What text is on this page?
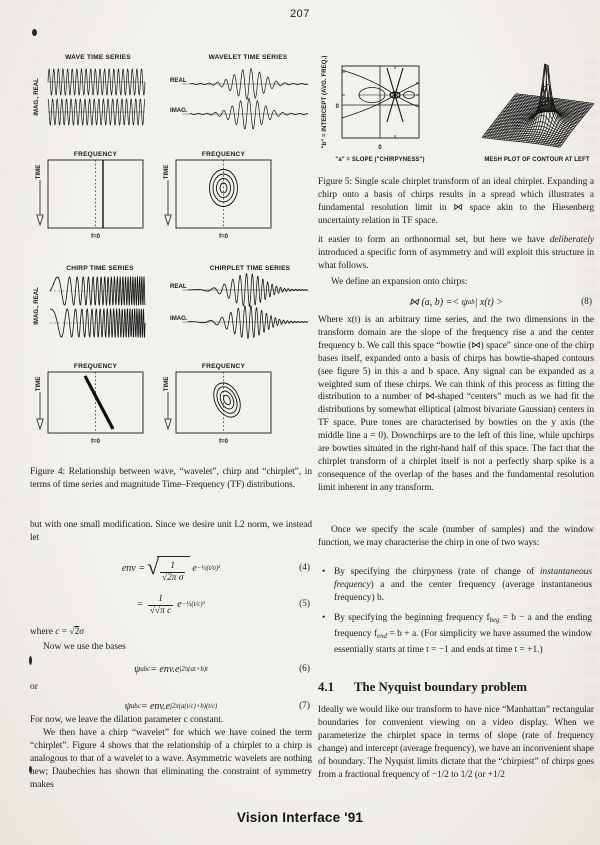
207
WAVE TIME SERIES	WAVELET TIME SERIES
IMAG., REAL	REAL
IMAG.
FREQUENCY	FREQUENCY
TIME	TIME
f=0	f=0
CHIRP TIME SERIES	CHIRPLET TIME SERIES
IMAG., REAL
REAL
IMAG.
FREQUENCY	FREQUENCY
TIME	TIME
f=0	f=0
"b" = INTERCEPT (AVG. FREQ.) 0
0
"a" = SLOPE ("CHIRPYNESS")	MESH PLOT OF CONTOUR AT LEFT
Figure 4: Relationship between wave, “wavelet”, chirp and “chirplet”, in terms of time series and magnitude Time–Frequency (TF) distributions.
but with one small modification. Since we desire unit L2 norm, we instead let
env = √ $\frac{1}{\text{√2π σ}}$ e −½(t/σ)²	(4)
= $\frac{1}{\text{√√π c}}$ e −½(t/c)²	(5)
where c = √2σ
Now we use the bases
ψ abc = env.e j2π(at+b)t	(6)
or
ψ abc = env.e j2π(a(t/c)+b)(t/c)	(7)
For now, we leave the dilation parameter c constant.
We then have a chirp “wavelet” for which we have coined the term “chirplet”. Figure 4 shows that the relationship of a chirplet to a chirp is analogous to that of a wavelet to a wave. Asymmetric wavelets are nothing new; Daubechies has shown that eliminating the constraint of symmetry makes
Figure 5: Single scale chirplet transform of an ideal chirplet. Expanding a chirp onto a basis of chirps results in a spread which illustrates a fundamental resolution limit in ⋈ space akin to the Hiesenberg uncertainty relation in TF space.
it easier to form an orthonormal set, but here we have deliberately introduced a specific form of asymmetry and will exploit this structure in what follows.
We define an expansion onto chirps:
⋈ (a, b) =< ψ ab | x(t) >	(8)
Where x(t) is an arbitrary time series, and the two dimensions in the transform domain are the slope of the frequency rise a and the center frequency b. We call this space “bowtie (⋈) space” since one of the chirp bases itself, expanded onto a basis of chirps has bowtie-shaped contours (see figure 5) in this a and b space. Any signal can be expanded as a weighted sum of these chirps. We can think of this process as fitting the distribution to a number of ⋈-shaped “centers” much as we had fit the distributions by somewhat elliptical (almost bivariate Gaussian) centers in TF space. Pure tones are characterised by bowties on the y axis (the middle line a = 0). Downchirps are to the left of this line, while upchirps are bowties situated in the right-hand half of this space. The fact that the chirplet transform of a chirplet itself is not a perfectly sharp spike is a consequence of the overlap of the bases and the fundamental resolution limit inherent in any transform.
Once we specify the scale (number of samples) and the window function, we may characterise the chirp in one of two ways:
• By specifying the chirpyness (rate of change of instantaneous frequency) a and the center frequency (average instantaneous frequency) b.
• By specifying the beginning frequency $f_{beg} = b - a$ and the ending frequency $f_{end} = b + a$. (For simplicity we have assumed the window essentially starts at time t = −1 and ends at time t = +1.)
4.1 The Nyquist boundary problem
Ideally we would like our transform to have nice “Manhattan” rectangular boundaries for convenient viewing on a video display. When we parameterize the chirplet space in terms of slope (rate of frequency change) and intercept (average frequency), we have an inconvenient shape of boundary. The Nyquist limits dictate that the “chirpiest” of chirps goes from a fractional frequency of −1/2 to 1/2 (or +1/2
Vision Interface '91
